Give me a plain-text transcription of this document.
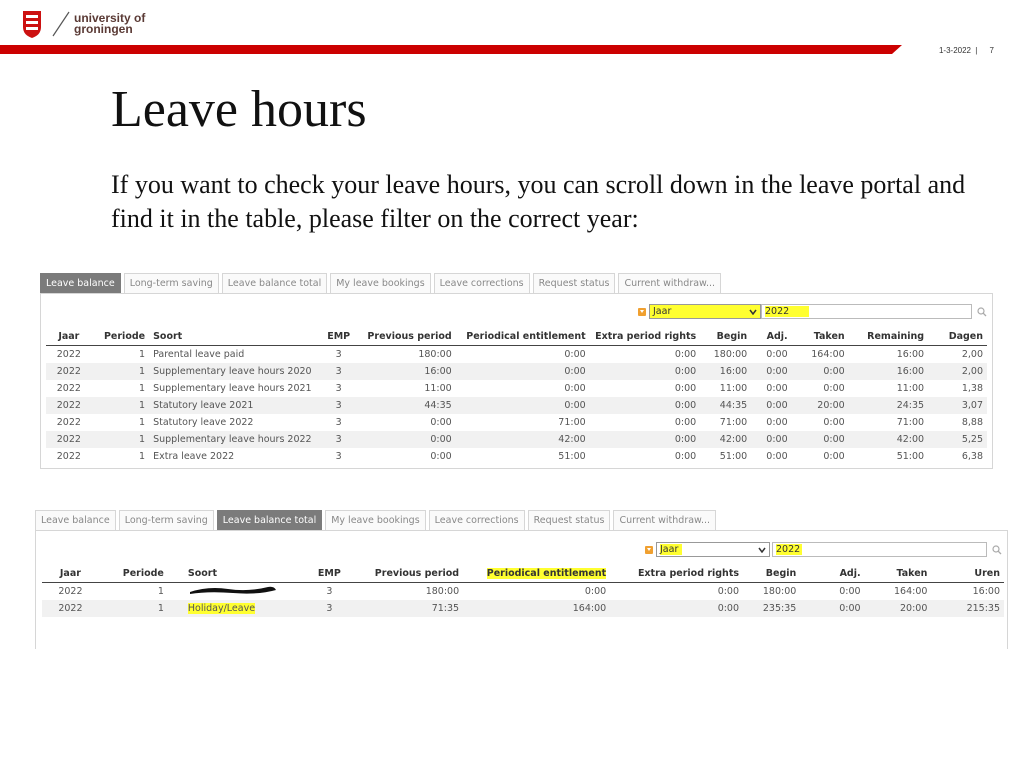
university of
groningen
1-3-2022 | 7
Leave hours

If you want to check your leave hours, you can scroll down in the leave portal and find it in the table, please filter on the correct year:

Leave balance	Long-term saving	Leave balance total	My leave bookings	Leave corrections	Request status	Current withdraw...
Jaar	2022
Jaar	Periode	Soort	EMP	Previous period	Periodical entitlement	Extra period rights	Begin	Adj.	Taken	Remaining	Dagen
2022	1	Parental leave paid	3	180:00	0:00	0:00	180:00	0:00	164:00	16:00	2,00
2022	1	Supplementary leave hours 2020	3	16:00	0:00	0:00	16:00	0:00	0:00	16:00	2,00
2022	1	Supplementary leave hours 2021	3	11:00	0:00	0:00	11:00	0:00	0:00	11:00	1,38
2022	1	Statutory leave 2021	3	44:35	0:00	0:00	44:35	0:00	20:00	24:35	3,07
2022	1	Statutory leave 2022	3	0:00	71:00	0:00	71:00	0:00	0:00	71:00	8,88
2022	1	Supplementary leave hours 2022	3	0:00	42:00	0:00	42:00	0:00	0:00	42:00	5,25
2022	1	Extra leave 2022	3	0:00	51:00	0:00	51:00	0:00	0:00	51:00	6,38
Leave balance	Long-term saving	Leave balance total	My leave bookings	Leave corrections	Request status	Current withdraw...
Jaar	2022
Jaar	Periode	Soort	EMP	Previous period	Periodical entitlement	Extra period rights	Begin	Adj.	Taken	Uren
2022	1		3	180:00	0:00	0:00	180:00	0:00	164:00	16:00
2022	1	Holiday/Leave	3	71:35	164:00	0:00	235:35	0:00	20:00	215:35
